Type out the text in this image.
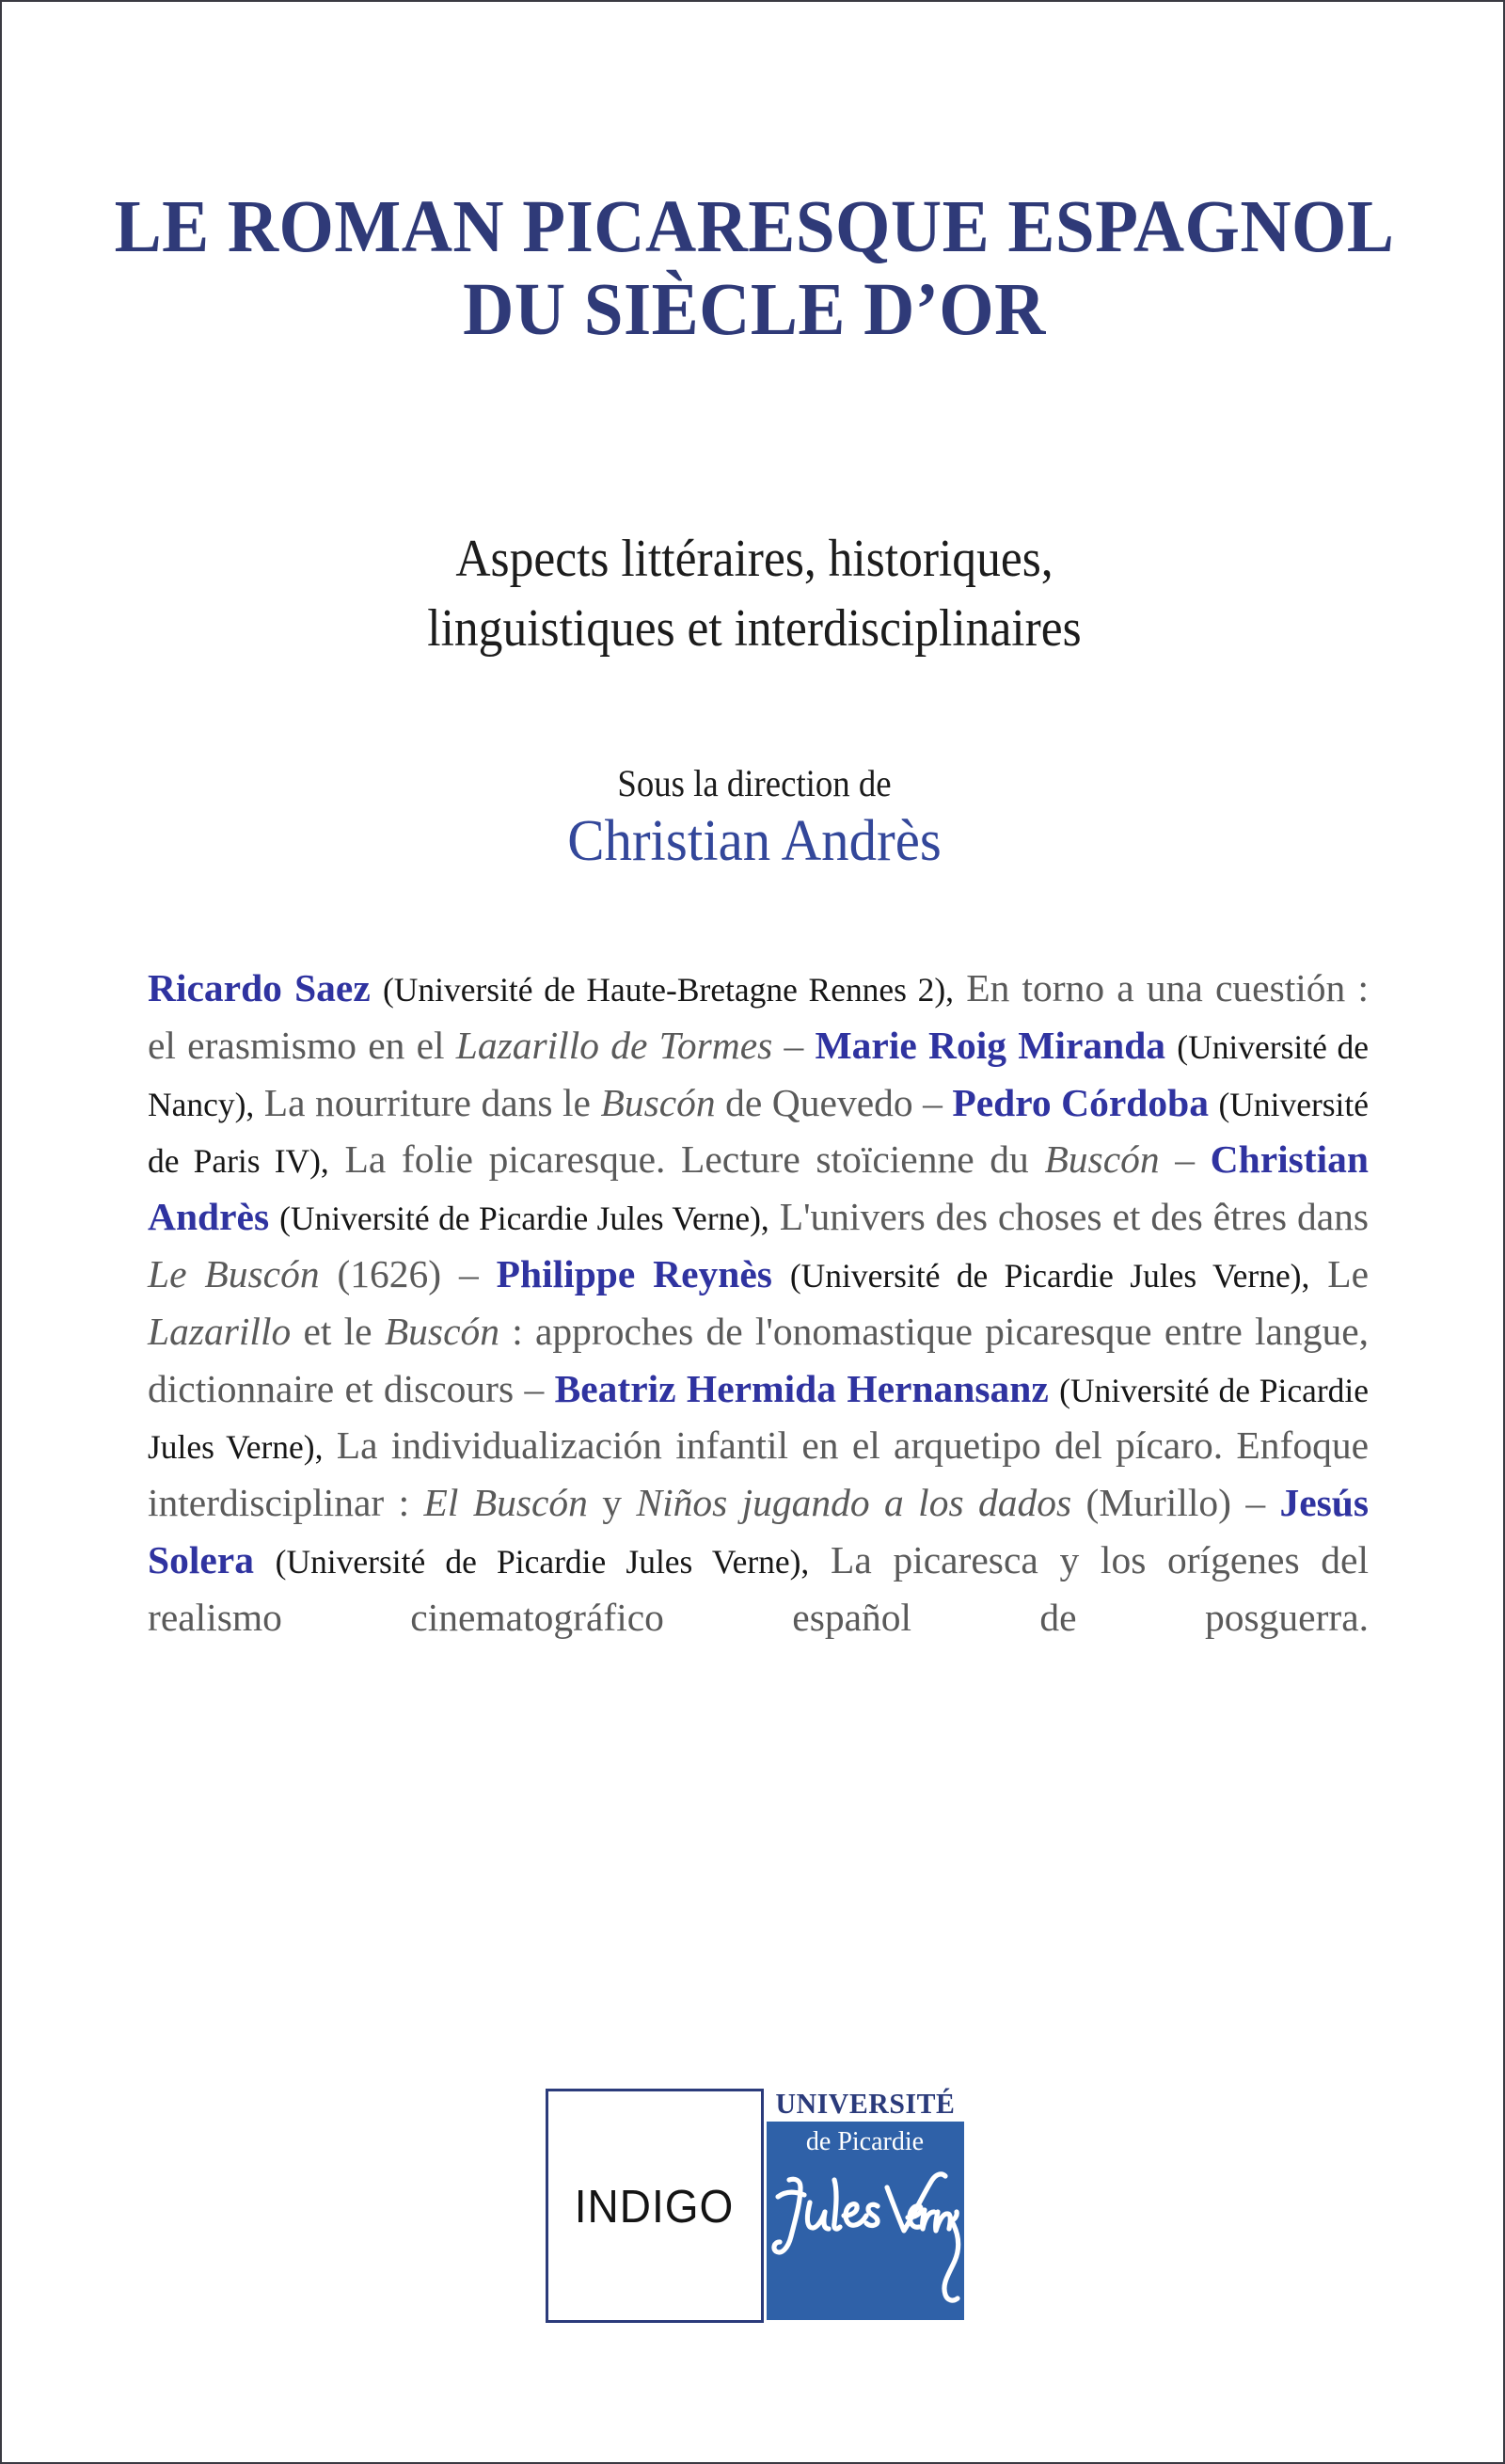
LE ROMAN PICARESQUE ESPAGNOL
DU SIÈCLE D’OR
Aspects littéraires, historiques,
linguistiques et interdisciplinaires
Sous la direction de
Christian Andrès
Ricardo Saez (Université de Haute-Bretagne Rennes 2), En torno a una cuestión : el erasmismo en el Lazarillo de Tormes – Marie Roig Miranda (Université de Nancy), La nourriture dans le Buscón de Quevedo – Pedro Córdoba (Université de Paris IV), La folie picaresque. Lecture stoïcienne du Buscón – Christian Andrès (Université de Picardie Jules Verne), L'univers des choses et des êtres dans Le Buscón (1626) – Philippe Reynès (Université de Picardie Jules Verne), Le Lazarillo et le Buscón : approches de l'onomastique picaresque entre langue, dictionnaire et discours – Beatriz Hermida Hernansanz (Université de Picardie Jules Verne), La individualización infantil en el arquetipo del pícaro. Enfoque interdisciplinar : El Buscón y Niños jugando a los dados (Murillo) – Jesús Solera (Université de Picardie Jules Verne), La picaresca y los orígenes del realismo cinematográfico español de posguerra.
INDIGO
UNIVERSITÉ
de Picardie
